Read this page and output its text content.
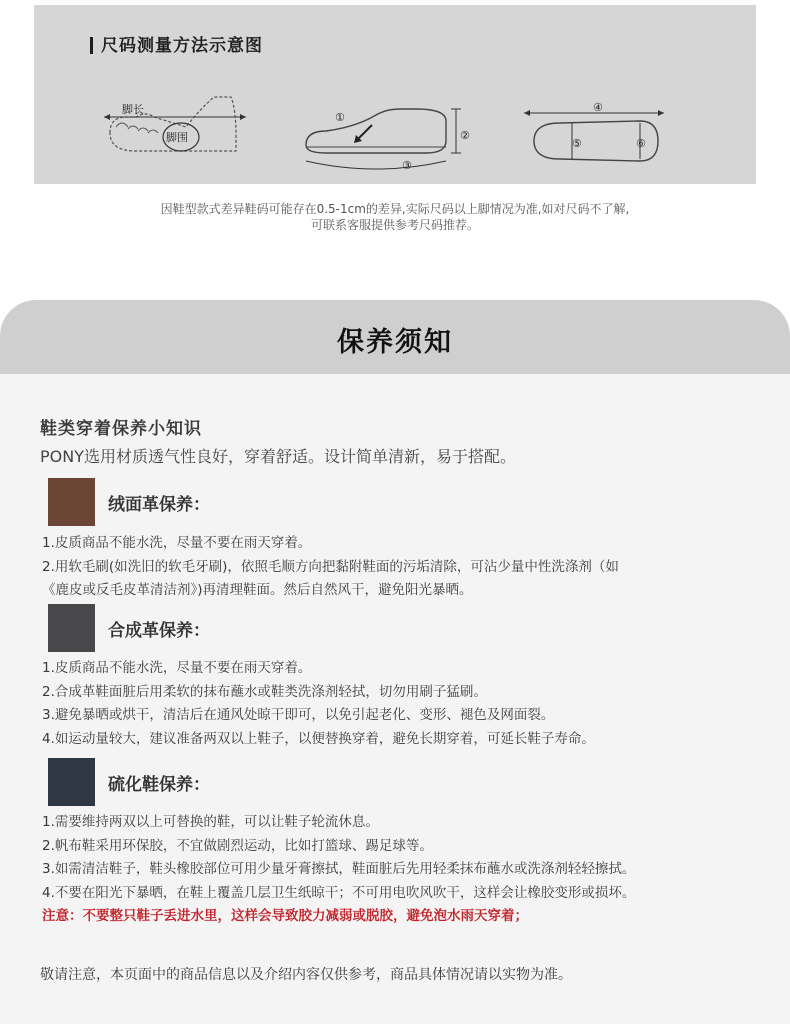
尺码测量方法示意图
脚长
脚围
①
②
③
④
⑤	⑥
因鞋型款式差异鞋码可能存在0.5-1cm的差异,实际尺码以上脚情况为准,如对尺码不了解,
可联系客服提供参考尺码推荐。
保养须知
鞋类穿着保养小知识
PONY选用材质透气性良好，穿着舒适。设计简单清新，易于搭配。
绒面革保养：
1.皮质商品不能水洗，尽量不要在雨天穿着。
2.用软毛刷(如洗旧的软毛牙刷)，依照毛顺方向把黏附鞋面的污垢清除，可沾少量中性洗涤剂（如
《鹿皮或反毛皮革清洁剂》)再清理鞋面。然后自然风干，避免阳光暴晒。
合成革保养：
1.皮质商品不能水洗，尽量不要在雨天穿着。
2.合成革鞋面脏后用柔软的抹布蘸水或鞋类洗涤剂轻拭，切勿用刷子猛刷。
3.避免暴晒或烘干，清洁后在通风处晾干即可，以免引起老化、变形、褪色及网面裂。
4.如运动量较大，建议准备两双以上鞋子，以便替换穿着，避免长期穿着，可延长鞋子寿命。
硫化鞋保养：
1.需要维持两双以上可替换的鞋，可以让鞋子轮流休息。
2.帆布鞋采用环保胶，不宜做剧烈运动，比如打篮球、踢足球等。
3.如需清洁鞋子，鞋头橡胶部位可用少量牙膏擦拭，鞋面脏后先用轻柔抹布蘸水或洗涤剂轻轻擦拭。
4.不要在阳光下暴晒，在鞋上覆盖几层卫生纸晾干；不可用电吹风吹干，这样会让橡胶变形或损坏。
注意：不要整只鞋子丢进水里，这样会导致胶力减弱或脱胶，避免泡水雨天穿着；
敬请注意，本页面中的商品信息以及介绍内容仅供参考，商品具体情况请以实物为准。
